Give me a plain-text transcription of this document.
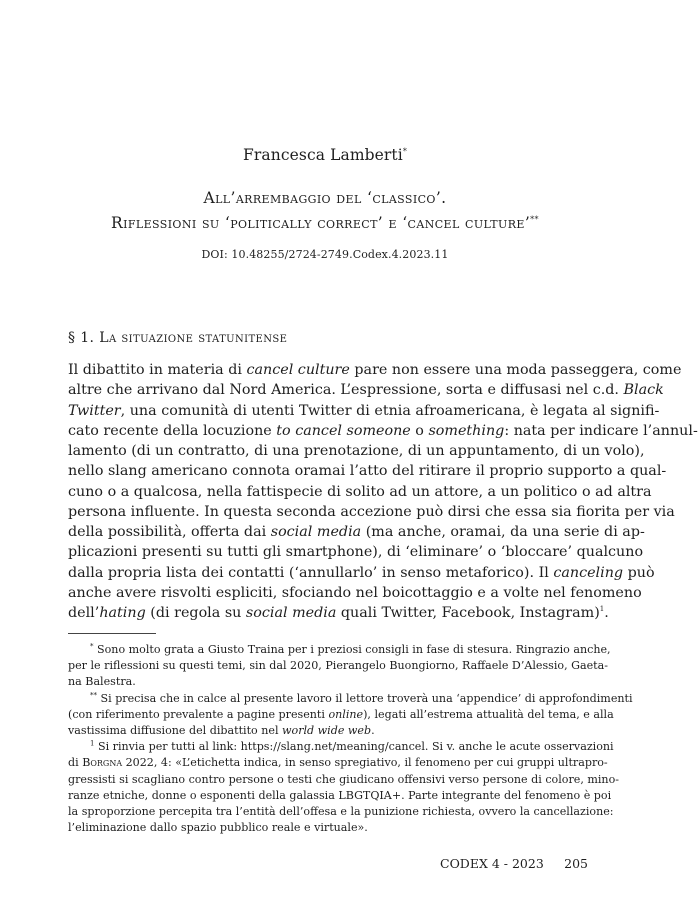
Francesca Lamberti*
All’arrembaggio del ‘classico’.
Riflessioni su ‘politically correct’ e ‘cancel culture’**
DOI: 10.48255/2724-2749.Codex.4.2023.11
§ 1. La situazione statunitense
Il dibattito in materia di cancel culture pare non essere una moda passeggera, come
altre che arrivano dal Nord America. L’espressione, sorta e diffusasi nel c.d. Black
Twitter, una comunità di utenti Twitter di etnia afroamericana, è legata al signifi-
cato recente della locuzione to cancel someone o something: nata per indicare l’annul-
lamento (di un contratto, di una prenotazione, di un appuntamento, di un volo),
nello slang americano connota oramai l’atto del ritirare il proprio supporto a qual-
cuno o a qualcosa, nella fattispecie di solito ad un attore, a un politico o ad altra
persona influente. In questa seconda accezione può dirsi che essa sia fiorita per via
della possibilità, offerta dai social media (ma anche, oramai, da una serie di ap-
plicazioni presenti su tutti gli smartphone), di ‘eliminare’ o ‘bloccare’ qualcuno
dalla propria lista dei contatti (‘annullarlo’ in senso metaforico). Il canceling può
anche avere risvolti espliciti, sfociando nel boicottaggio e a volte nel fenomeno
dell’hating (di regola su social media quali Twitter, Facebook, Instagram)$^1$.
* Sono molto grata a Giusto Traina per i preziosi consigli in fase di stesura. Ringrazio anche,
per le riflessioni su questi temi, sin dal 2020, Pierangelo Buongiorno, Raffaele D’Alessio, Gaeta-
na Balestra.
** Si precisa che in calce al presente lavoro il lettore troverà una ‘appendice’ di approfondimenti
(con riferimento prevalente a pagine presenti online), legati all’estrema attualità del tema, e alla
vastissima diffusione del dibattito nel world wide web.
$^1$ Si rinvia per tutti al link: https://slang.net/meaning/cancel. Si v. anche le acute osservazioni
di Borgna 2022, 4: «L’etichetta indica, in senso spregiativo, il fenomeno per cui gruppi ultrapro-
gressisti si scagliano contro persone o testi che giudicano offensivi verso persone di colore, mino-
ranze etniche, donne o esponenti della galassia LBGTQIA+. Parte integrante del fenomeno è poi
la sproporzione percepita tra l’entità dell’offesa e la punizione richiesta, ovvero la cancellazione:
l’eliminazione dallo spazio pubblico reale e virtuale».
CODEX 4 - 2023 205
